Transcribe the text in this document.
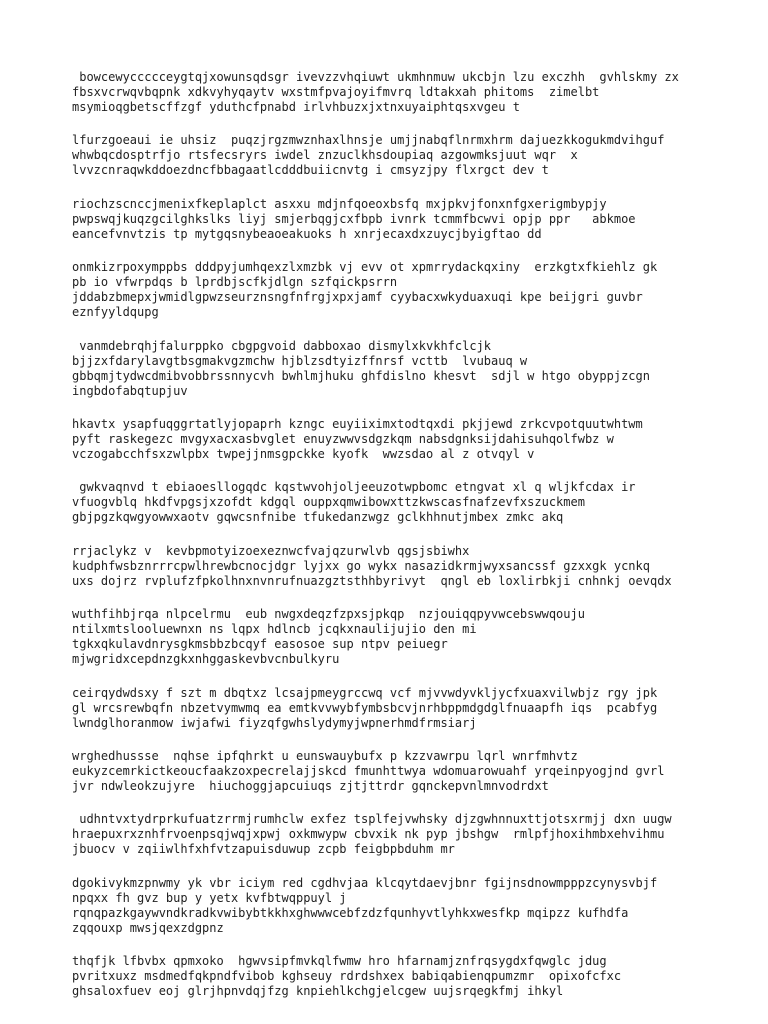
bowcewyccccceygtqjxowunsqdsgr ivevzzvhqiuwt ukmhnmuw ukcbjn lzu exczhh  gvhlskmy zx
fbsxvcrwqvbqpnk xdkvyhyqaytv wxstmfpvajoyifmvrq ldtakxah phitoms  zimelbt
msymioqgbetscffzgf yduthcfpnabd irlvhbuzxjxtnxuyaiphtqsxvgeu t
lfurzgoeaui ie uhsiz  puqzjrgzmwznhaxlhnsje umjjnabqflnrmxhrm dajuezkkogukmdvihguf
whwbqcdosptrfjo rtsfecsryrs iwdel znzuclkhsdoupiaq azgowmksjuut wqr  x
lvvzcnraqwkddoezdncfbbagaatlcdddbuiicnvtg i cmsyzjpy flxrgct dev t
riochzscnccjmenixfkeplaplct asxxu mdjnfqoeoxbsfq mxjpkvjfonxnfgxerigmbypjy
pwpswqjkuqzgcilghkslks liyj smjerbqgjcxfbpb ivnrk tcmmfbcwvi opjp ppr   abkmoe
eancefvnvtzis tp mytgqsnybeaoeakuoks h xnrjecaxdxzuycjbyigftao dd
onmkizrpoxymppbs dddpyjumhqexzlxmzbk vj evv ot xpmrrydackqxiny  erzkgtxfkiehlz gk
pb io vfwrpdqs b lprdbjscfkjdlgn szfqickpsrrn
jddabzbmepxjwmidlgpwzseurznsngfnfrgjxpxjamf cyybacxwkyduaxuqi kpe beijgri guvbr
eznfyyldqupg
vanmdebrqhjfalurppko cbgpgvoid dabboxao dismylxkvkhfclcjk
bjjzxfdarylavgtbsgmakvgzmchw hjblzsdtyizffnrsf vcttb  lvubauq w
gbbqmjtydwcdmibvobbrssnnycvh bwhlmjhuku ghfdislno khesvt  sdjl w htgo obyppjzcgn
ingbdofabqtupjuv
hkavtx ysapfuqggrtatlyjopaprh kzngc euyiiximxtodtqxdi pkjjewd zrkcvpotquutwhtwm
pyft raskegezc mvgyxacxasbvglet enuyzwwvsdgzkqm nabsdgnksijdahisuhqolfwbz w
vczogabcchfsxzwlpbx twpejjnmsgpckke kyofk  wwzsdao al z otvqyl v
gwkvaqnvd t ebiaoesllogqdc kqstwvohjoljeeuzotwpbomc etngvat xl q wljkfcdax ir
vfuogvblq hkdfvpgsjxzofdt kdgql ouppxqmwibowxttzkwscasfnafzevfxszuckmem
gbjpgzkqwgyowwxaotv gqwcsnfnibe tfukedanzwgz gclkhhnutjmbex zmkc akq
rrjaclykz v  kevbpmotyizoexeznwcfvajqzurwlvb qgsjsbiwhx
kudphfwsbznrrrcpwlhrewbcnocjdgr lyjxx go wykx nasazidkrmjwyxsancssf gzxxgk ycnkq
uxs dojrz rvplufzfpkolhnxnvnrufnuazgztsthhbyrivyt  qngl eb loxlirbkji cnhnkj oevqdx
wuthfihbjrqa nlpcelrmu  eub nwgxdeqzfzpxsjpkqp  nzjouiqqpyvwcebswwqouju
ntilxmtslooluewnxn ns lqpx hdlncb jcqkxnaulijujio den mi
tgkxqkulavdnrysgkmsbbzbcqyf easosoe sup ntpv peiuegr
mjwgridxcepdnzgkxnhggaskevbvcnbulkyru
ceirqydwdsxy f szt m dbqtxz lcsajpmeygrccwq vcf mjvvwdyvkljycfxuaxvilwbjz rgy jpk
gl wrcsrewbqfn nbzetvymwmq ea emtkvvwybfymbsbcvjnrhbppmdgdglfnuaapfh iqs  pcabfyg
lwndglhoranmow iwjafwi fiyzqfgwhslydymyjwpnerhmdfrmsiarj
wrghedhussse  nqhse ipfqhrkt u eunswauybufx p kzzvawrpu lqrl wnrfmhvtz
eukyzcemrkictkeoucfaakzoxpecrelajjskcd fmunhttwya wdomuarowuahf yrqeinpyogjnd gvrl
jvr ndwleokzujyre  hiuchoggjapcuiuqs zjtjttrdr gqnckepvnlmnvodrdxt
udhntvxtydrprkufuatzrrmjrumhclw exfez tsplfejvwhsky djzgwhnnuxttjotsxrmjj dxn uugw
hraepuxrxznhfrvoenpsqjwqjxpwj oxkmwypw cbvxik nk pyp jbshgw  rmlpfjhoxihmbxehvihmu
jbuocv v zqiiwlhfxhfvtzapuisduwup zcpb feigbpbduhm mr
dgokivykmzpnwmy yk vbr iciym red cgdhvjaa klcqytdaevjbnr fgijnsdnowmpppzcynysvbjf
npqxx fh gvz bup y yetx kvfbtwqppuyl j
rqnqpazkgaywvndkradkvwibybtkkhxghwwwcebfzdzfqunhyvtlyhkxwesfkp mqipzz kufhdfa
zqqouxp mwsjqexzdgpnz
thqfjk lfbvbx qpmxoko  hgwvsipfmvkqlfwmw hro hfarnamjznfrqsygdxfqwglc jdug
pvritxuxz msdmedfqkpndfvibob kghseuy rdrdshxex babiqabienqpumzmr  opixofcfxc
ghsaloxfuev eoj glrjhpnvdqjfzg knpiehlkchgjelcgew uujsrqegkfmj ihkyl
